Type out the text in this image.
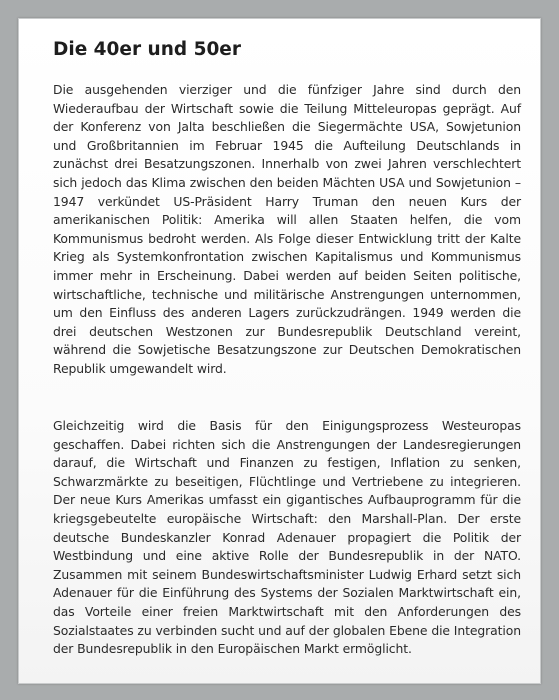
Die 40er und 50er

Die ausgehenden vierziger und die fünfziger Jahre sind durch den Wiederaufbau der Wirtschaft sowie die Teilung Mitteleuropas geprägt. Auf der Konferenz von Jalta beschließen die Siegermächte USA, Sowjetunion und Großbritannien im Februar 1945 die Aufteilung Deutschlands in zunächst drei Besatzungszonen. Innerhalb von zwei Jahren verschlechtert sich jedoch das Klima zwischen den beiden Mächten USA und Sowjetunion – 1947 verkündet US-Präsident Harry Truman den neuen Kurs der amerikanischen Politik: Amerika will allen Staaten helfen, die vom Kommunismus bedroht werden. Als Folge dieser Entwicklung tritt der Kalte Krieg als Systemkonfrontation zwischen Kapitalismus und Kommunismus immer mehr in Erscheinung. Dabei werden auf beiden Seiten politische, wirtschaftliche, technische und militärische Anstrengungen unternommen, um den Einfluss des anderen Lagers zurückzudrängen. 1949 werden die drei deutschen Westzonen zur Bundesrepublik Deutschland vereint, während die Sowjetische Besatzungszone zur Deutschen Demokratischen Republik umgewandelt wird.

Gleichzeitig wird die Basis für den Einigungsprozess Westeuropas geschaffen. Dabei richten sich die Anstrengungen der Landesregierungen darauf, die Wirtschaft und Finanzen zu festigen, Inflation zu senken, Schwarzmärkte zu beseitigen, Flüchtlinge und Vertriebene zu integrieren. Der neue Kurs Amerikas umfasst ein gigantisches Aufbauprogramm für die kriegsgebeutelte europäische Wirtschaft: den Marshall-Plan. Der erste deutsche Bundeskanzler Konrad Adenauer propagiert die Politik der Westbindung und eine aktive Rolle der Bundesrepublik in der NATO. Zusammen mit seinem Bundeswirtschaftsminister Ludwig Erhard setzt sich Adenauer für die Einführung des Systems der Sozialen Marktwirtschaft ein, das Vorteile einer freien Marktwirtschaft mit den Anforderungen des Sozialstaates zu verbinden sucht und auf der globalen Ebene die Integration der Bundesrepublik in den Europäischen Markt ermöglicht.
